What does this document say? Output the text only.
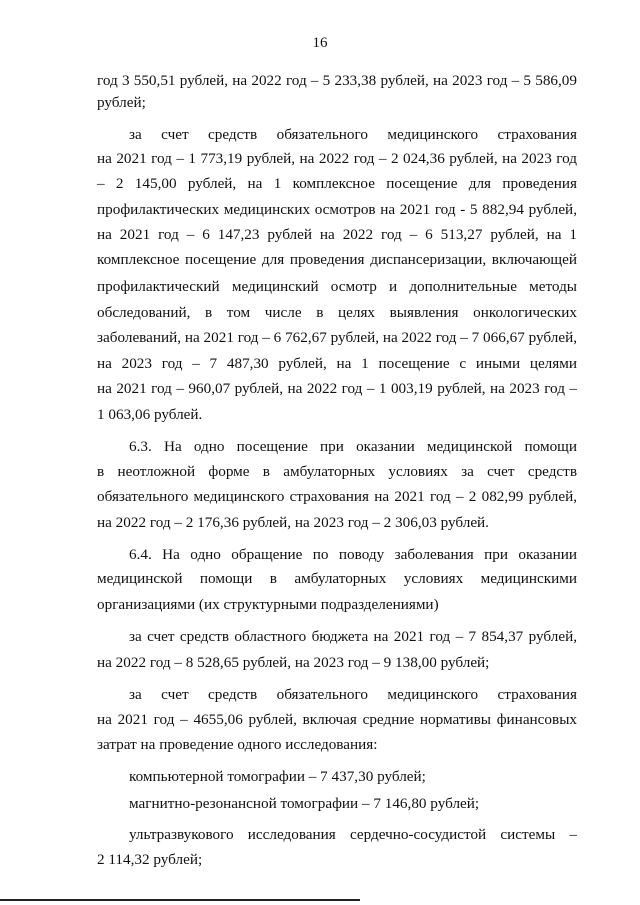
16
год 3 550,51 рублей, на 2022 год – 5 233,38 рублей, на 2023 год – 5 586,09
рублей;
за счет средств обязательного медицинского страхования
на 2021 год – 1 773,19 рублей, на 2022 год – 2 024,36 рублей, на 2023 год
– 2 145,00 рублей, на 1 комплексное посещение для проведения
профилактических медицинских осмотров на 2021 год - 5 882,94 рублей,
на 2021 год – 6 147,23 рублей на 2022 год – 6 513,27 рублей, на 1
комплексное посещение для проведения диспансеризации, включающей
профилактический медицинский осмотр и дополнительные методы
обследований, в том числе в целях выявления онкологических
заболеваний, на 2021 год – 6 762,67 рублей, на 2022 год – 7 066,67 рублей,
на 2023 год – 7 487,30 рублей, на 1 посещение с иными целями
на 2021 год – 960,07 рублей, на 2022 год – 1 003,19 рублей, на 2023 год –
1 063,06 рублей.
6.3. На одно посещение при оказании медицинской помощи
в неотложной форме в амбулаторных условиях за счет средств
обязательного медицинского страхования на 2021 год – 2 082,99 рублей,
на 2022 год – 2 176,36 рублей, на 2023 год – 2 306,03 рублей.
6.4. На одно обращение по поводу заболевания при оказании
медицинской помощи в амбулаторных условиях медицинскими
организациями (их структурными подразделениями)
за счет средств областного бюджета на 2021 год – 7 854,37 рублей,
на 2022 год – 8 528,65 рублей, на 2023 год – 9 138,00 рублей;
за счет средств обязательного медицинского страхования
на 2021 год – 4655,06 рублей, включая средние нормативы финансовых
затрат на проведение одного исследования:
компьютерной томографии – 7 437,30 рублей;
магнитно-резонансной томографии – 7 146,80 рублей;
ультразвукового исследования сердечно-сосудистой системы –
2 114,32 рублей;
